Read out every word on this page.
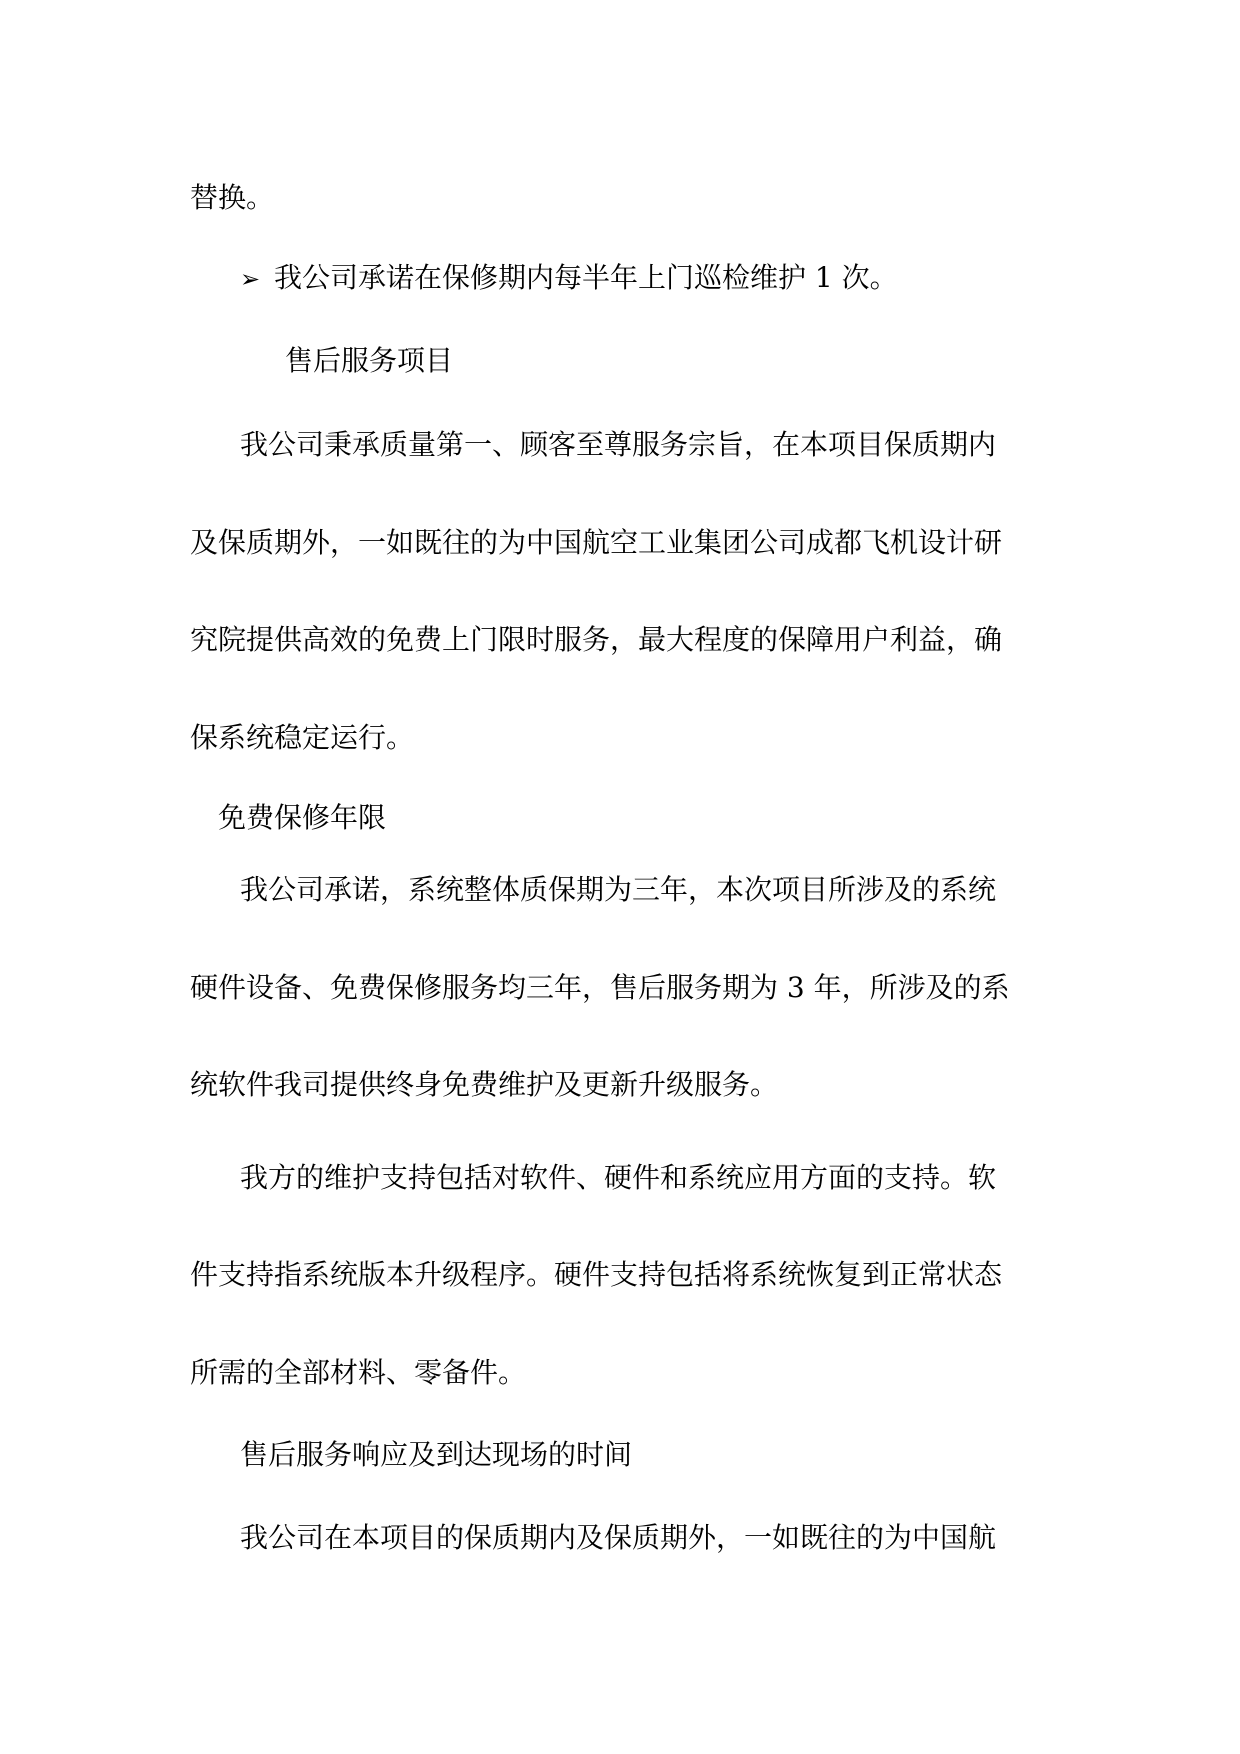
替换。
➢ 我公司承诺在保修期内每半年上门巡检维护 1 次。
售后服务项目
我公司秉承质量第一、顾客至尊服务宗旨，在本项目保质期内
及保质期外，一如既往的为中国航空工业集团公司成都飞机设计研
究院提供高效的免费上门限时服务，最大程度的保障用户利益，确
保系统稳定运行。
免费保修年限
我公司承诺，系统整体质保期为三年，本次项目所涉及的系统
硬件设备、免费保修服务均三年，售后服务期为 3 年，所涉及的系
统软件我司提供终身免费维护及更新升级服务。
我方的维护支持包括对软件、硬件和系统应用方面的支持。软
件支持指系统版本升级程序。硬件支持包括将系统恢复到正常状态
所需的全部材料、零备件。
售后服务响应及到达现场的时间
我公司在本项目的保质期内及保质期外，一如既往的为中国航
